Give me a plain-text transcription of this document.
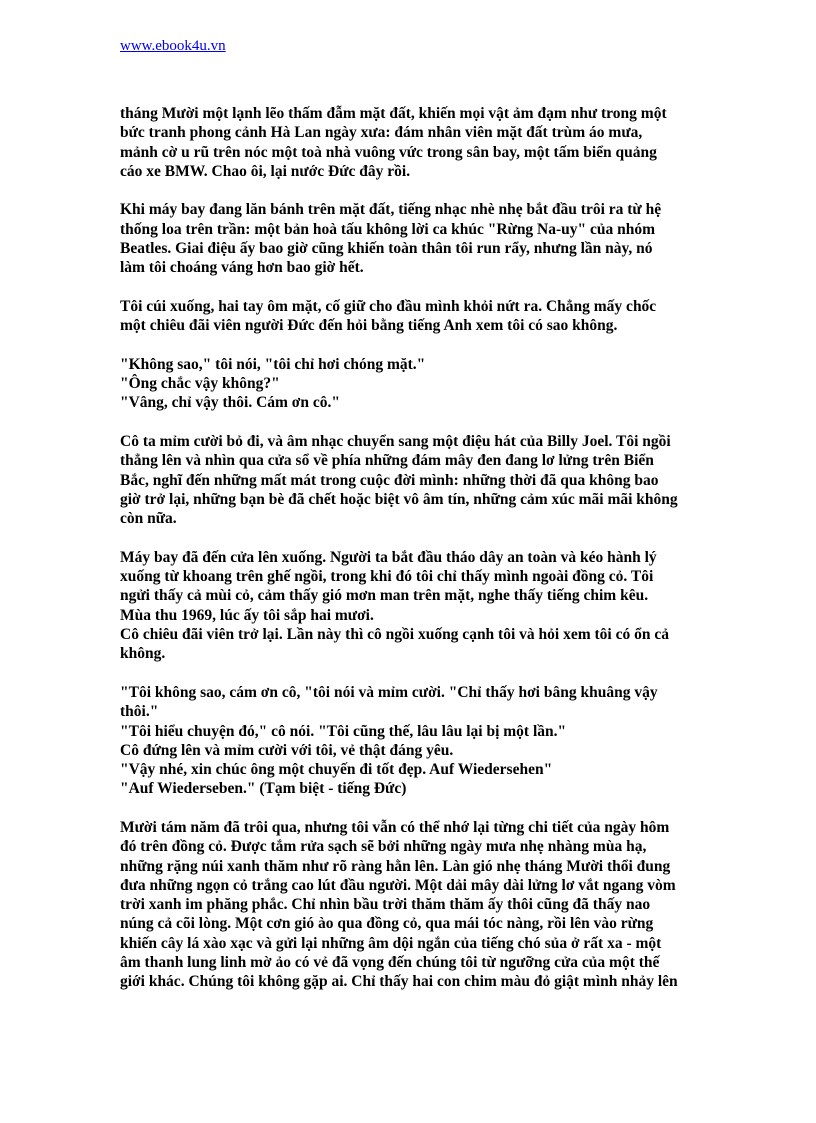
www.ebook4u.vn

tháng Mười một lạnh lẽo thấm đẫm mặt đất, khiến mọi vật ảm đạm như trong một
bức tranh phong cảnh Hà Lan ngày xưa: đám nhân viên mặt đất trùm áo mưa,
mảnh cờ u rũ trên nóc một toà nhà vuông vức trong sân bay, một tấm biển quảng
cáo xe BMW. Chao ôi, lại nước Đức đây rồi.

Khi máy bay đang lăn bánh trên mặt đất, tiếng nhạc nhè nhẹ bắt đầu trôi ra từ hệ
thống loa trên trần: một bản hoà tấu không lời ca khúc "Rừng Na-uy" của nhóm
Beatles. Giai điệu ấy bao giờ cũng khiến toàn thân tôi run rẩy, nhưng lần này, nó
làm tôi choáng váng hơn bao giờ hết.

Tôi cúi xuống, hai tay ôm mặt, cố giữ cho đầu mình khỏi nứt ra. Chẳng mấy chốc
một chiêu đãi viên người Đức đến hỏi bằng tiếng Anh xem tôi có sao không.

"Không sao," tôi nói, "tôi chỉ hơi chóng mặt."
"Ông chắc vậy không?"
"Vâng, chỉ vậy thôi. Cám ơn cô."

Cô ta mỉm cười bỏ đi, và âm nhạc chuyển sang một điệu hát của Billy Joel. Tôi ngồi
thẳng lên và nhìn qua cửa sổ về phía những đám mây đen đang lơ lửng trên Biển
Bắc, nghĩ đến những mất mát trong cuộc đời mình: những thời đã qua không bao
giờ trở lại, những bạn bè đã chết hoặc biệt vô âm tín, những cảm xúc mãi mãi không
còn nữa.

Máy bay đã đến cửa lên xuống. Người ta bắt đầu tháo dây an toàn và kéo hành lý
xuống từ khoang trên ghế ngồi, trong khi đó tôi chỉ thấy mình ngoài đồng cỏ. Tôi
ngửi thấy cả mùi cỏ, cảm thấy gió mơn man trên mặt, nghe thấy tiếng chim kêu.
Mùa thu 1969, lúc ấy tôi sắp hai mươi.
Cô chiêu đãi viên trở lại. Lần này thì cô ngồi xuống cạnh tôi và hỏi xem tôi có ổn cả
không.

"Tôi không sao, cám ơn cô, "tôi nói và mỉm cười. "Chỉ thấy hơi bâng khuâng vậy
thôi."
"Tôi hiểu chuyện đó," cô nói. "Tôi cũng thế, lâu lâu lại bị một lần."
Cô đứng lên và mỉm cười với tôi, vẻ thật đáng yêu.
"Vậy nhé, xin chúc ông một chuyến đi tốt đẹp. Auf Wiedersehen"
"Auf Wiederseben." (Tạm biệt - tiếng Đức)

Mười tám năm đã trôi qua, nhưng tôi vẫn có thể nhớ lại từng chi tiết của ngày hôm
đó trên đồng cỏ. Được tắm rửa sạch sẽ bởi những ngày mưa nhẹ nhàng mùa hạ,
những rặng núi xanh thăm như rõ ràng hằn lên. Làn gió nhẹ tháng Mười thổi đung
đưa những ngọn cỏ trắng cao lút đầu người. Một dải mây dài lửng lơ vắt ngang vòm
trời xanh im phăng phắc. Chỉ nhìn bầu trời thăm thăm ấy thôi cũng đã thấy nao
núng cả cõi lòng. Một cơn gió ào qua đồng cỏ, qua mái tóc nàng, rồi lên vào rừng
khiến cây lá xào xạc và gửi lại những âm dội ngắn của tiếng chó sủa ở rất xa - một
âm thanh lung linh mờ ảo có vẻ đã vọng đến chúng tôi từ ngưỡng cửa của một thế
giới khác. Chúng tôi không gặp ai. Chỉ thấy hai con chim màu đỏ giật mình nhảy lên
